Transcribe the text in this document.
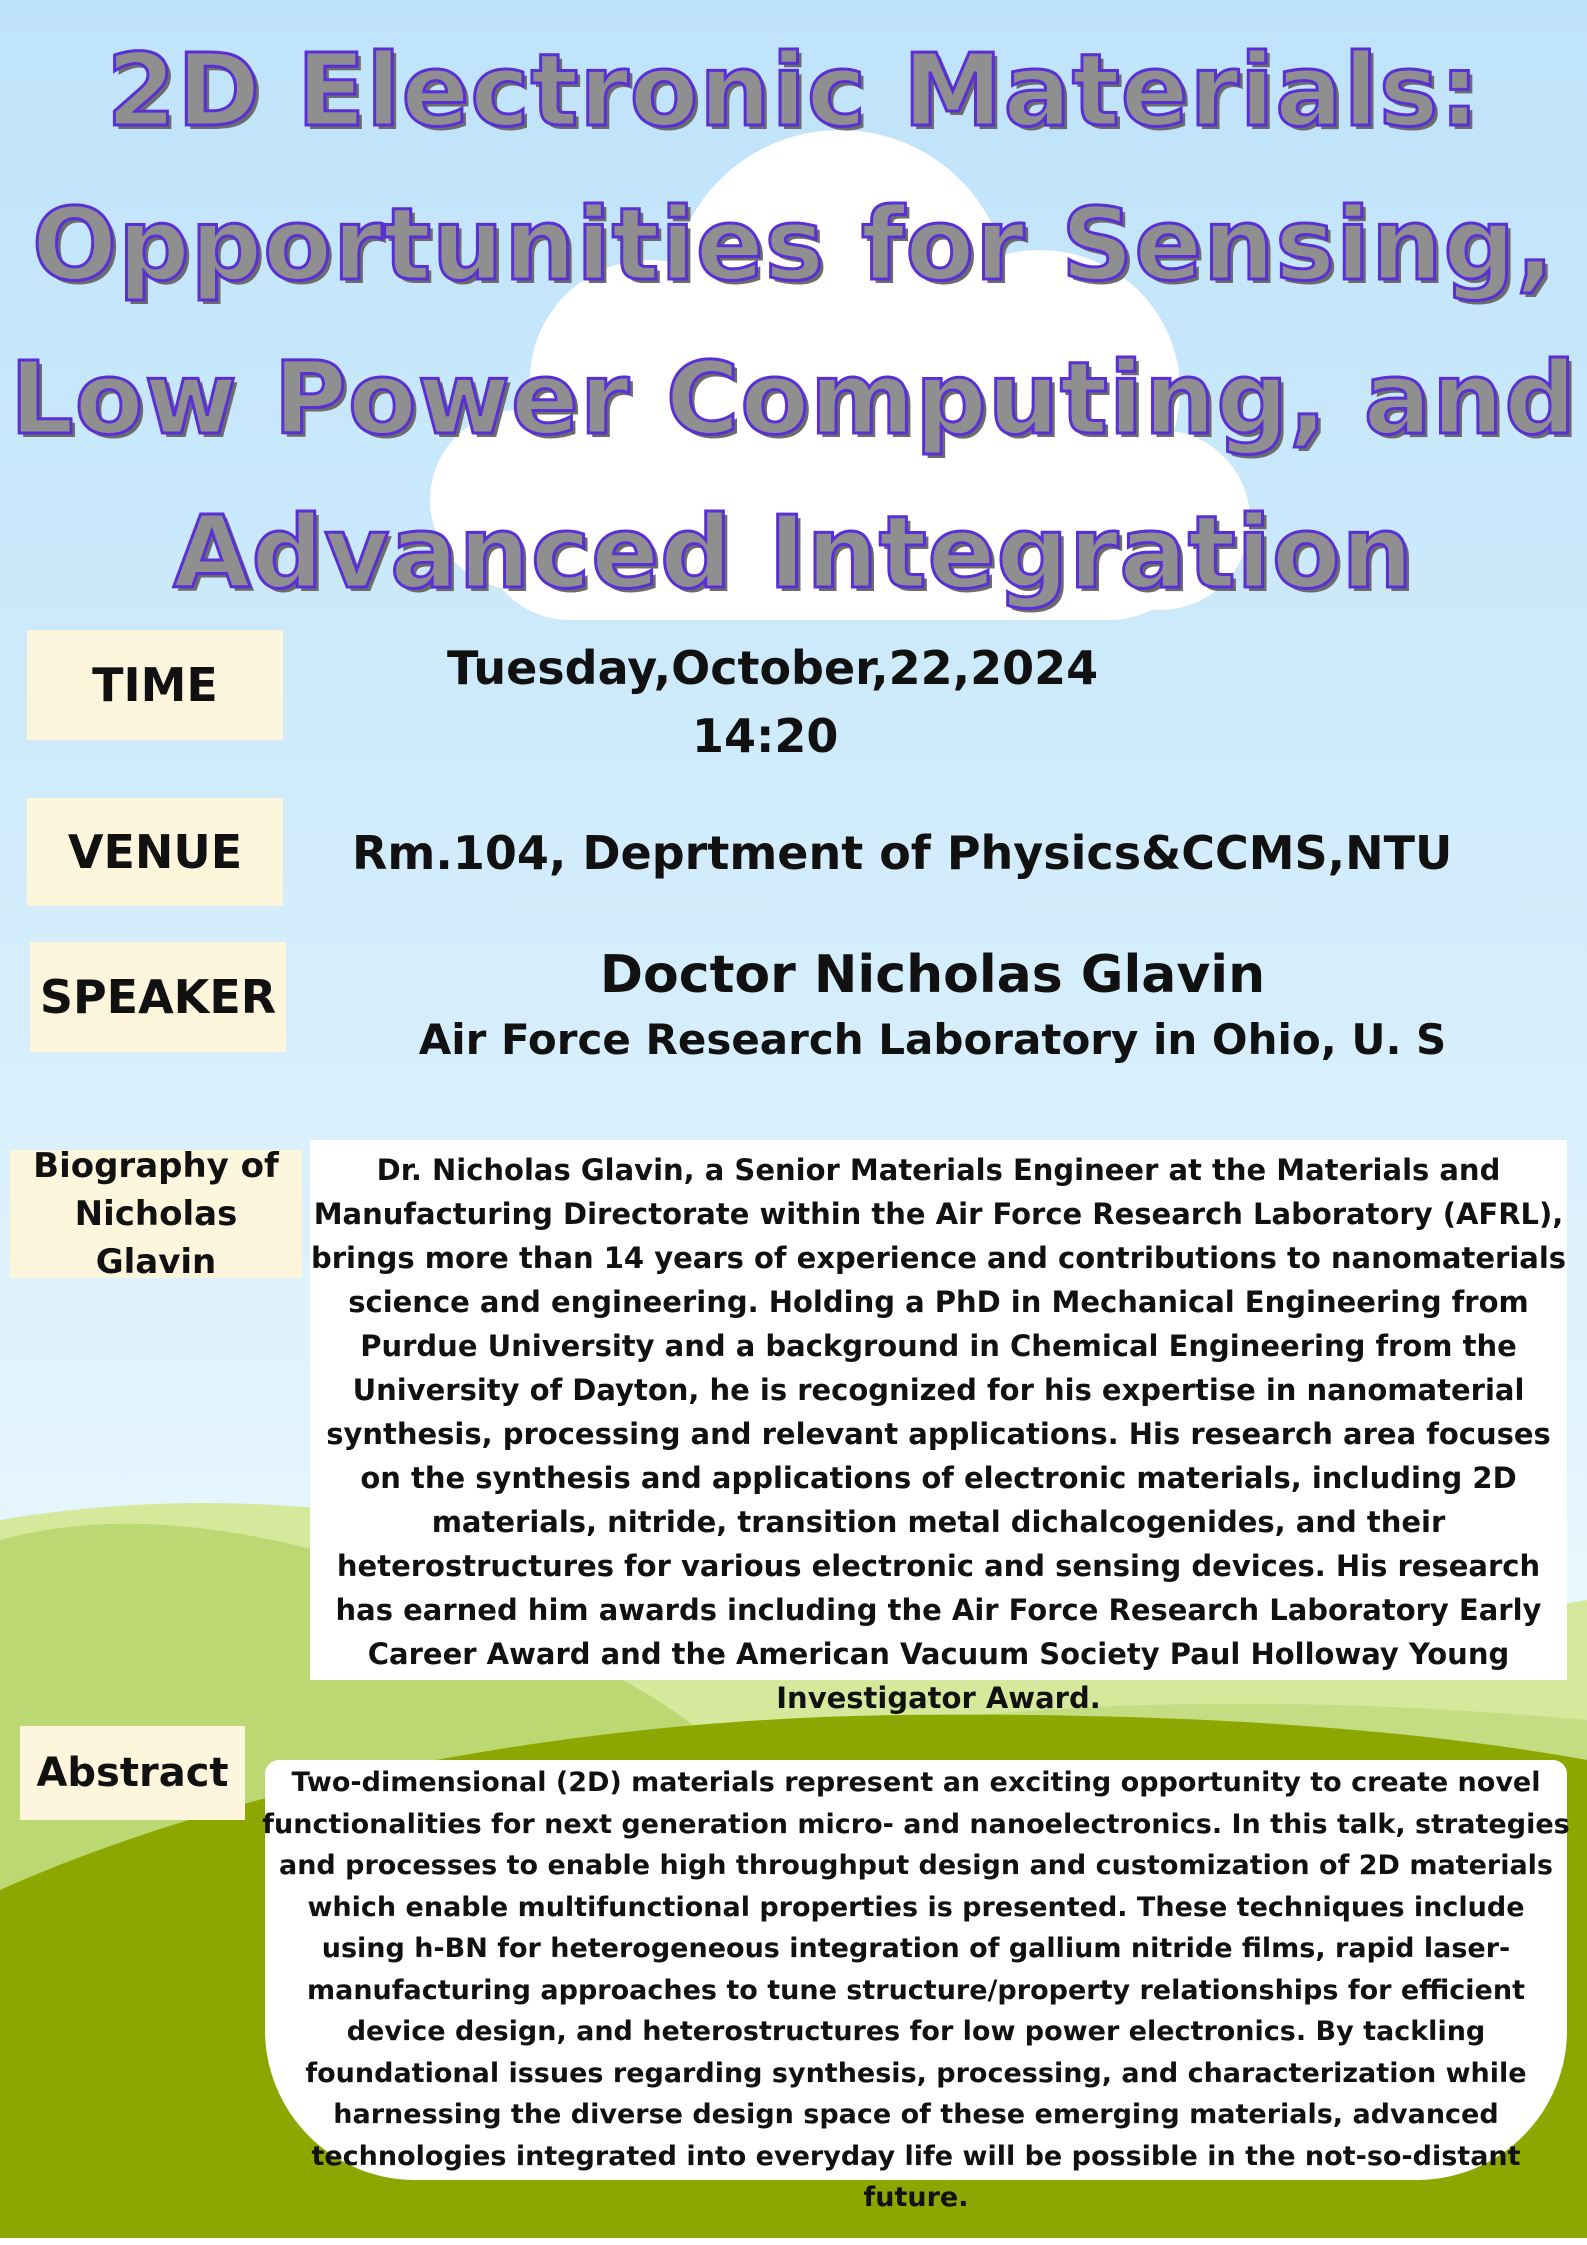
2D Electronic Materials: Opportunities for Sensing, Low Power Computing, and Advanced Integration
TIME	Tuesday,October,22,2024
14:20
VENUE Rm.104, Deprtment of Physics&CCMS,NTU
SPEAKER	Doctor Nicholas Glavin
Air Force Research Laboratory in Ohio, U. S
Biography of Nicholas Glavin

Dr. Nicholas Glavin, a Senior Materials Engineer at the Materials and Manufacturing Directorate within the Air Force Research Laboratory (AFRL), brings more than 14 years of experience and contributions to nanomaterials science and engineering. Holding a PhD in Mechanical Engineering from Purdue University and a background in Chemical Engineering from the University of Dayton, he is recognized for his expertise in nanomaterial synthesis, processing and relevant applications. His research area focuses on the synthesis and applications of electronic materials, including 2D materials, nitride, transition metal dichalcogenides, and their heterostructures for various electronic and sensing devices. His research has earned him awards including the Air Force Research Laboratory Early Career Award and the American Vacuum Society Paul Holloway Young Investigator Award.

Abstract	Two-dimensional (2D) materials represent an exciting opportunity to create novel functionalities for next generation micro- and nanoelectronics. In this talk, strategies and processes to enable high throughput design and customization of 2D materials which enable multifunctional properties is presented. These techniques include using h-BN for heterogeneous integration of gallium nitride films, rapid laser-manufacturing approaches to tune structure/property relationships for efficient device design, and heterostructures for low power electronics. By tackling foundational issues regarding synthesis, processing, and characterization while harnessing the diverse design space of these emerging materials, advanced technologies integrated into everyday life will be possible in the not-so-distant future.
